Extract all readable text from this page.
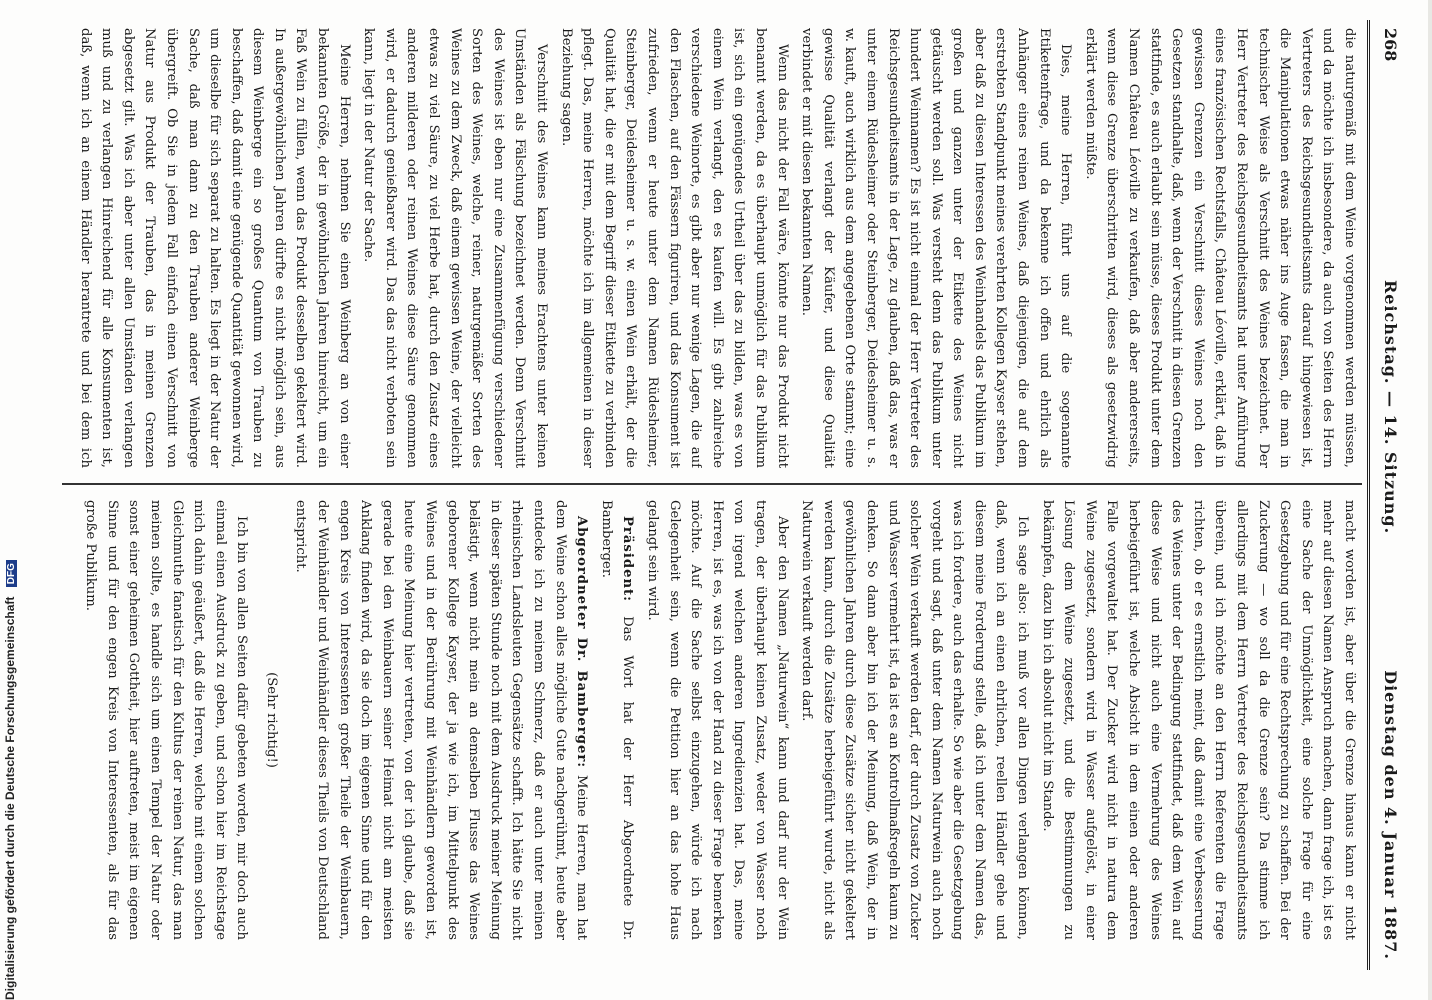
Digitalisierung gefördert durch die Deutsche Forschungsgemeinschaft DFG
268
Reichstag. — 14. Sitzung.
Dienstag den 4. Januar 1887.

die naturgemäß mit dem Weine vorgenommen werden müssen, und da möchte ich insbesondere, da auch von Seiten des Herrn Vertreters des Reichsgesundheitsamts darauf hingewiesen ist, die Manipulationen etwas näher ins Auge fassen, die man in technischer Weise als Verschnitt des Weines bezeichnet. Der Herr Vertreter des Reichsgesundheitsamts hat unter Anführung eines französischen Rechtsfalls, Château Léoville, erklärt, daß in gewissen Grenzen ein Verschnitt dieses Weines noch den Gesetzen standhalte, daß, wenn der Verschnitt in diesen Grenzen stattfinde, es auch erlaubt sein müsse, dieses Produkt unter dem Namen Château Léoville zu verkaufen, daß aber andererseits, wenn diese Grenze überschritten wird, dieses als gesetzwidrig erklärt werden müßte.

Dies, meine Herren, führt uns auf die sogenannte Etikettenfrage, und da bekenne ich offen und ehrlich als Anhänger eines reinen Weines, daß diejenigen, die auf dem erstrebten Standpunkt meines verehrten Kollegen Kayser stehen, aber daß zu diesen Interessen des Weinhandels das Publikum im großen und ganzen unter der Etikette des Weines nicht getäuscht werden soll. Was versteht denn das Publikum unter hundert Weinnamen? Es ist nicht einmal der Herr Vertreter des Reichsgesundheitsamts in der Lage, zu glauben, daß das, was er unter einem Rüdesheimer oder Steinberger, Deidesheimer u. s. w. kauft, auch wirklich aus dem angegebenen Orte stammt; eine gewisse Qualität verlangt der Käufer, und diese Qualität verbindet er mit diesen bekannten Namen.

Wenn das nicht der Fall wäre, könnte nur das Produkt nicht benannt werden, da es überhaupt unmöglich für das Publikum ist, sich ein genügendes Urtheil über das zu bilden, was es von einem Wein verlangt, den es kaufen will. Es gibt zahlreiche verschiedene Weinorte, es gibt aber nur wenige Lagen, die auf den Flaschen, auf den Fässern figuriren, und das Konsument ist zufrieden, wenn er heute unter dem Namen Rüdesheimer, Steinberger, Deidesheimer u. s. w. einen Wein erhält, der die Qualität hat, die er mit dem Begriff dieser Etikette zu verbinden pflegt. Das, meine Herren, möchte ich im allgemeinen in dieser Beziehung sagen.

Verschnitt des Weines kann meines Erachtens unter keinen Umständen als Fälschung bezeichnet werden. Denn Verschnitt des Weines ist eben nur eine Zusammenfügung verschiedener Sorten des Weines, welche, reiner, naturgemäßer Sorten des Weines zu dem Zweck, daß einem gewissen Weine, der vielleicht etwas zu viel Säure, zu viel Herbe hat, durch den Zusatz eines anderen milderen oder reinen Weines diese Säure genommen wird, er dadurch genießbarer wird. Das das nicht verboten sein kann, liegt in der Natur der Sache.

Meine Herren, nehmen Sie einen Weinberg an von einer bekannten Größe, der in gewöhnlichen Jahren hinreicht, um ein Faß Wein zu füllen, wenn das Produkt desselben gekeltert wird. In außergewöhnlichen Jahren dürfte es nicht möglich sein, aus diesem Weinberge ein so großes Quantum von Trauben zu beschaffen, daß damit eine genügende Quantität gewonnen wird, um dieselbe für sich separat zu halten. Es liegt in der Natur der Sache, daß man dann zu den Trauben anderer Weinberge übergreift. Ob Sie in jedem Fall einfach einen Verschnitt von Natur aus Produkt der Trauben, das in meinen Grenzen abgesetzt gilt. Was ich aber unter allen Umständen verlangen muß und zu verlangen Hinreichend für alle Konsumenten ist, daß, wenn ich an einem Händler herantrete und bei dem ich

macht worden ist, aber über die Grenze hinaus kann er nicht mehr auf diesen Namen Anspruch machen, dann frage ich, ist es eine Sache der Unmöglichkeit, eine solche Frage für eine Gesetzgebung und für eine Rechtsprechung zu schaffen. Bei der Zuckerung — wo soll da die Grenze sein? Da stimme ich allerdings mit dem Herrn Vertreter des Reichsgesundheitsamts überein, und ich möchte an den Herrn Referenten die Frage richten, ob er es ernstlich meint, daß damit eine Verbesserung des Weines unter der Bedingung stattfindet, daß dem Wein auf diese Weise und nicht auch eine Vermehrung des Weines herbeigeführt ist, welche Absicht in dem einen oder anderen Falle vorgewaltet hat. Der Zucker wird nicht in natura dem Weine zugesetzt, sondern wird in Wasser aufgelöst, in einer Lösung dem Weine zugesetzt, und die Bestimmungen zu bekämpfen, dazu bin ich absolut nicht im Stande.

Ich sage also: ich muß vor allen Dingen verlangen können, daß, wenn ich an einen ehrlichen, reellen Händler gehe und diesem meine Forderung stelle, daß ich unter dem Namen das, was ich fordere, auch das erhalte. So wie aber die Gesetzgebung vorgeht und sagt, daß unter dem Namen Naturwein auch noch solcher Wein verkauft werden darf, der durch Zusatz von Zucker und Wasser vermehrt ist, da ist es an Kontrollmaßregeln kaum zu denken. So dann aber bin ich der Meinung, daß Wein, der in gewöhnlichen Jahren durch diese Zusätze sicher nicht gekeltert werden kann, durch die Zusätze herbeigeführt wurde, nicht als Naturwein verkauft werden darf.

Aber den Namen „Naturwein“ kann und darf nur der Wein tragen, der überhaupt keinen Zusatz, weder von Wasser noch von irgend welchen anderen Ingredienzien hat. Das, meine Herren, ist es, was ich von der Hand zu dieser Frage bemerken möchte. Auf die Sache selbst einzugehen, würde ich nach Gelegenheit sein, wenn die Petition hier an das hohe Haus gelangt sein wird.

Präsident: Das Wort hat der Herr Abgeordnete Dr. Bamberger.

Abgeordneter Dr. Bamberger: Meine Herren, man hat dem Weine schon alles mögliche Gute nachgerühmt, heute aber entdecke ich zu meinem Schmerz, daß er auch unter meinen rheinischen Landsleuten Gegensätze schafft. Ich hätte Sie nicht in dieser späten Stunde noch mit dem Ausdruck meiner Meinung belästigt, wenn nicht mein an demselben Flusse das Weines geborener Kollege Kayser, der ja wie ich, im Mittelpunkt des Weines und in der Berührung mit Weinhändlern geworden ist, heute eine Meinung hier vertreten, von der ich glaube, daß sie gerade bei den Weinbauern seiner Heimat nicht am meisten Anklang finden wird, da sie doch im eigenen Sinne und für den engen Kreis von Interessenten großer Theile der Weinbauern, der Weinhändler und Weinhändler dieses Theils von Deutschland entspricht.

(Sehr richtig!)

Ich bin von allen Seiten dafür gebeten worden, mir doch auch einmal einen Ausdruck zu geben, und schon hier im Reichstage mich dahin geäußert, daß die Herren, welche mit einem solchen Gleichmuthe fanatisch für den Kultus der reinen Natur, das man meinen sollte, es handle sich um einen Tempel der Natur oder sonst einer geheimen Gottheit, hier auftreten, meist im eigenen Sinne und für den engen Kreis von Interessenten, als für das große Publikum.
